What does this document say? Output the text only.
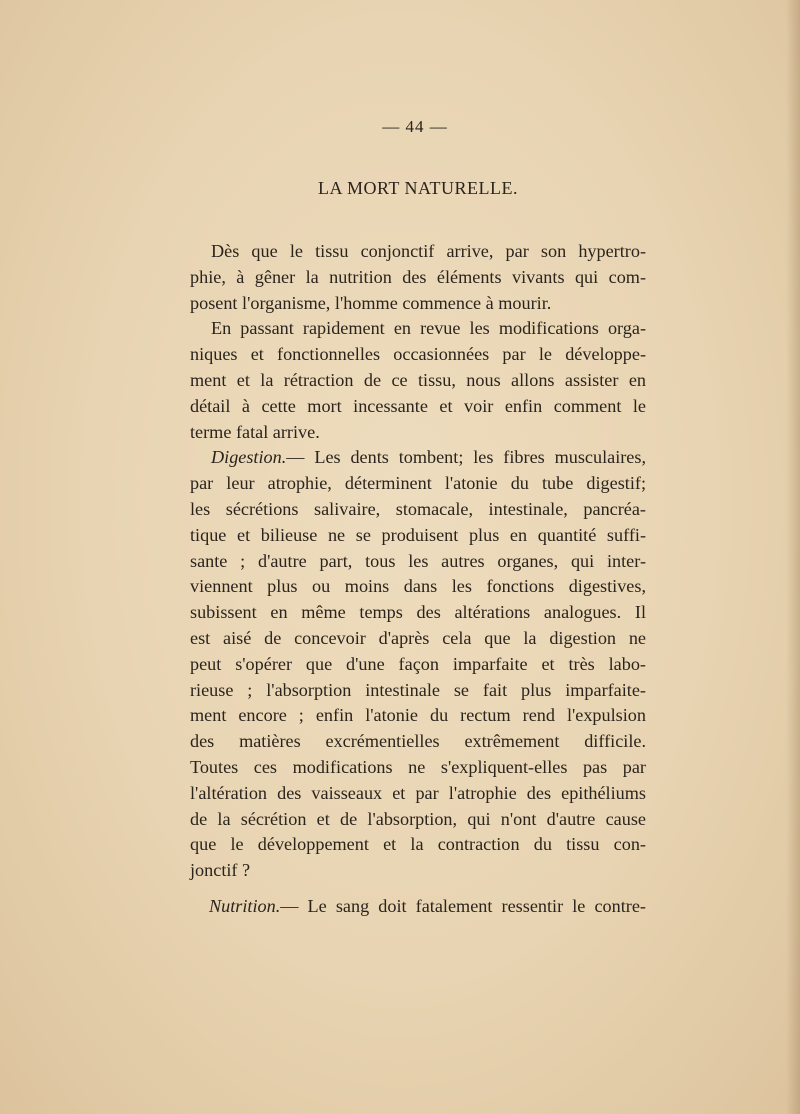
— 44 —
LA MORT NATURELLE.
Dès que le tissu conjonctif arrive, par son hypertro-
phie, à gêner la nutrition des éléments vivants qui com-
posent l'organisme, l'homme commence à mourir.
En passant rapidement en revue les modifications orga-
niques et fonctionnelles occasionnées par le développe-
ment et la rétraction de ce tissu, nous allons assister en
détail à cette mort incessante et voir enfin comment le
terme fatal arrive.
Digestion.— Les dents tombent; les fibres musculaires,
par leur atrophie, déterminent l'atonie du tube digestif;
les sécrétions salivaire, stomacale, intestinale, pancréa-
tique et bilieuse ne se produisent plus en quantité suffi-
sante ; d'autre part, tous les autres organes, qui inter-
viennent plus ou moins dans les fonctions digestives,
subissent en même temps des altérations analogues. Il
est aisé de concevoir d'après cela que la digestion ne
peut s'opérer que d'une façon imparfaite et très labo-
rieuse ; l'absorption intestinale se fait plus imparfaite-
ment encore ; enfin l'atonie du rectum rend l'expulsion
des matières excrémentielles extrêmement difficile.
Toutes ces modifications ne s'expliquent-elles pas par
l'altération des vaisseaux et par l'atrophie des epithéliums
de la sécrétion et de l'absorption, qui n'ont d'autre cause
que le développement et la contraction du tissu con-
jonctif ?
Nutrition.— Le sang doit fatalement ressentir le contre-
